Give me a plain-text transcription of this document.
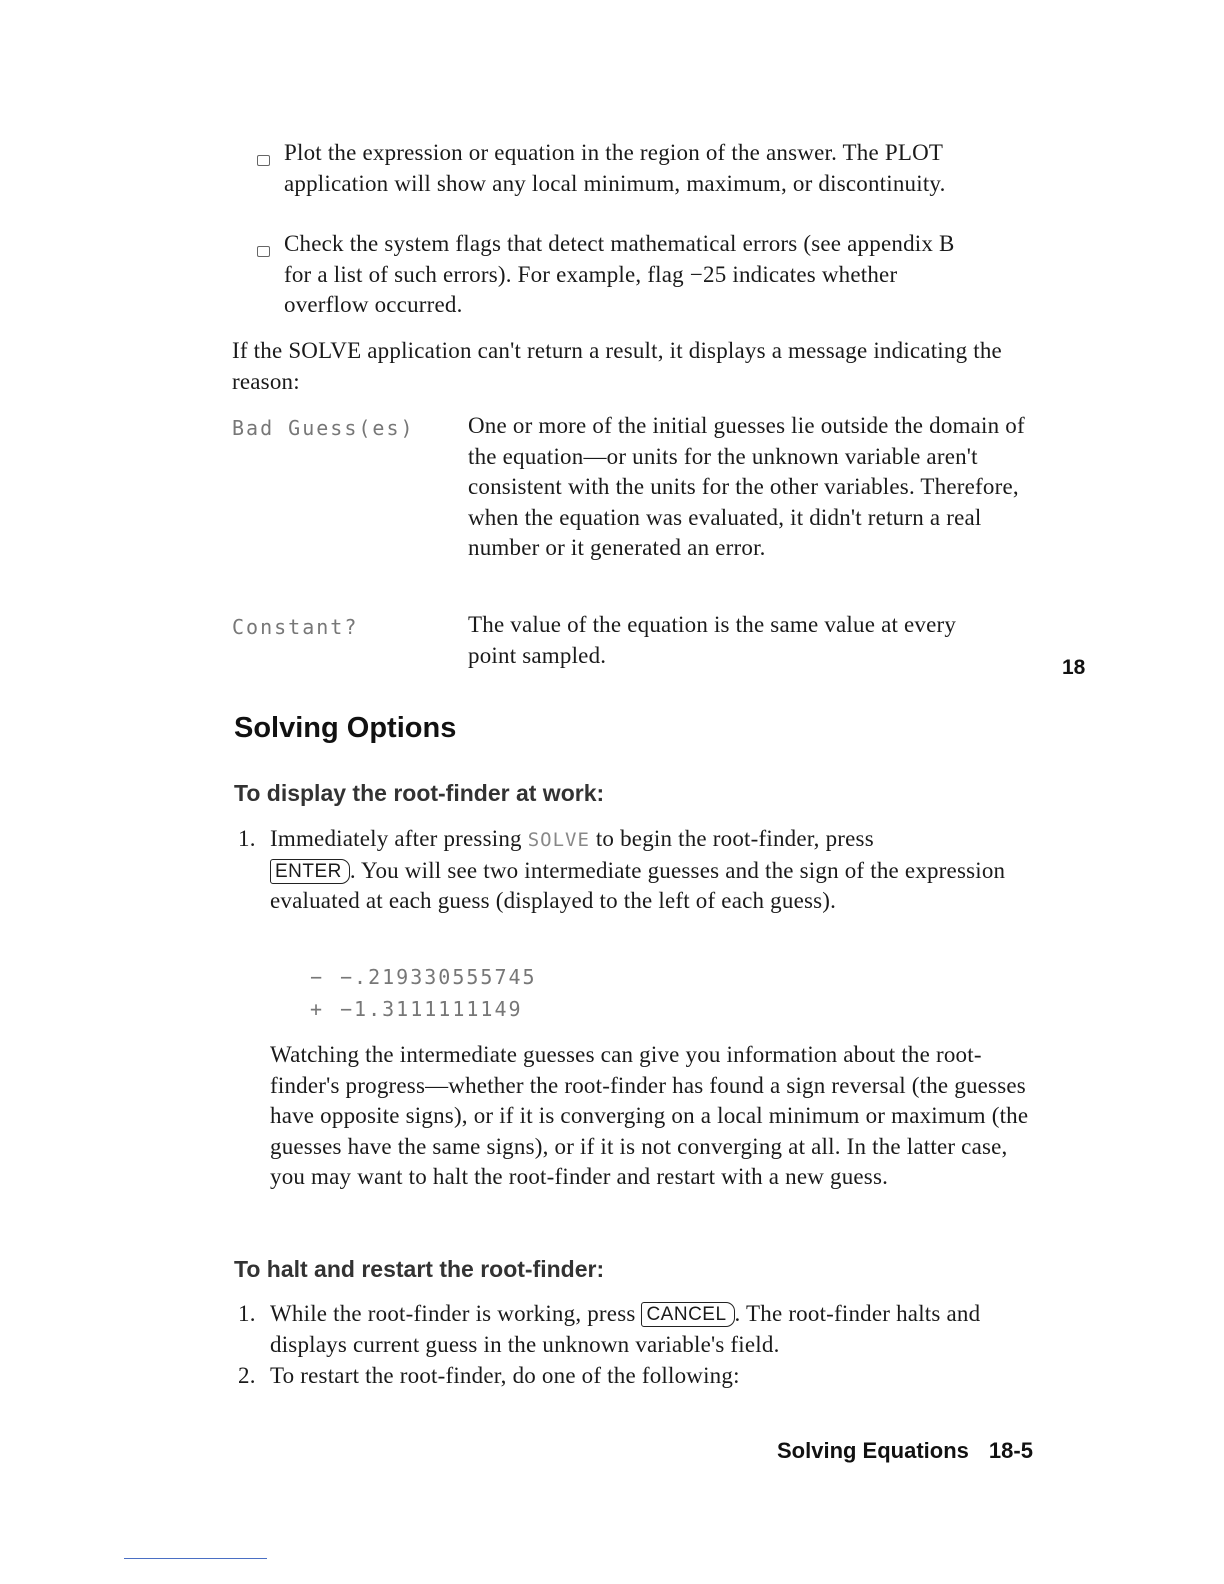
Plot the expression or equation in the region of the answer. The PLOT application will show any local minimum, maximum, or discontinuity.
Check the system flags that detect mathematical errors (see appendix B for a list of such errors). For example, flag −25 indicates whether overflow occurred.
If the SOLVE application can't return a result, it displays a message indicating the reason:
Bad Guess(es) One or more of the initial guesses lie outside the domain of the equation—or units for the unknown variable aren't consistent with the units for the other variables. Therefore, when the equation was evaluated, it didn't return a real number or it generated an error.
Constant?	The value of the equation is the same value at every point sampled.	18
Solving Options
To display the root-finder at work:
1. Immediately after pressing SOLVE to begin the root-finder, press
ENTER . You will see two intermediate guesses and the sign of the expression evaluated at each guess (displayed to the left of each guess).
− −.219330555745
+ −1.3111111149
Watching the intermediate guesses can give you information about the root-finder's progress—whether the root-finder has found a sign reversal (the guesses have opposite signs), or if it is converging on a local minimum or maximum (the guesses have the same signs), or if it is not converging at all. In the latter case, you may want to halt the root-finder and restart with a new guess.
To halt and restart the root-finder:
1. While the root-finder is working, press CANCEL . The root-finder halts and displays current guess in the unknown variable's field.
2. To restart the root-finder, do one of the following:
Solving Equations 18-5
